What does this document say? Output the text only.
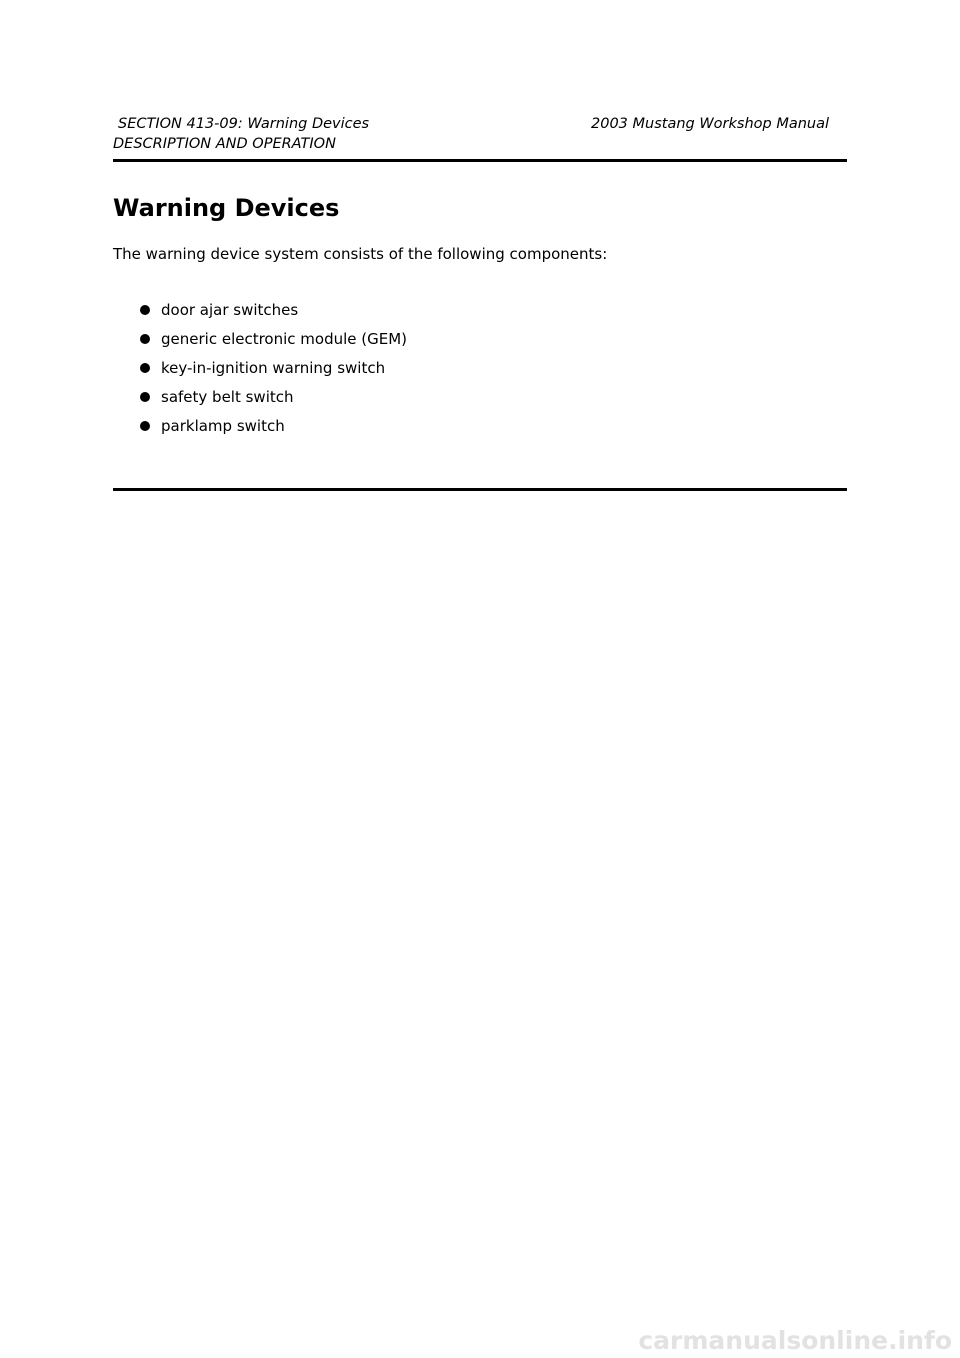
SECTION 413-09: Warning Devices	2003 Mustang Workshop Manual
DESCRIPTION AND OPERATION
Warning Devices
The warning device system consists of the following components:
door ajar switches
generic electronic module (GEM)
key-in-ignition warning switch
safety belt switch
parklamp switch
carmanualsonline.info
